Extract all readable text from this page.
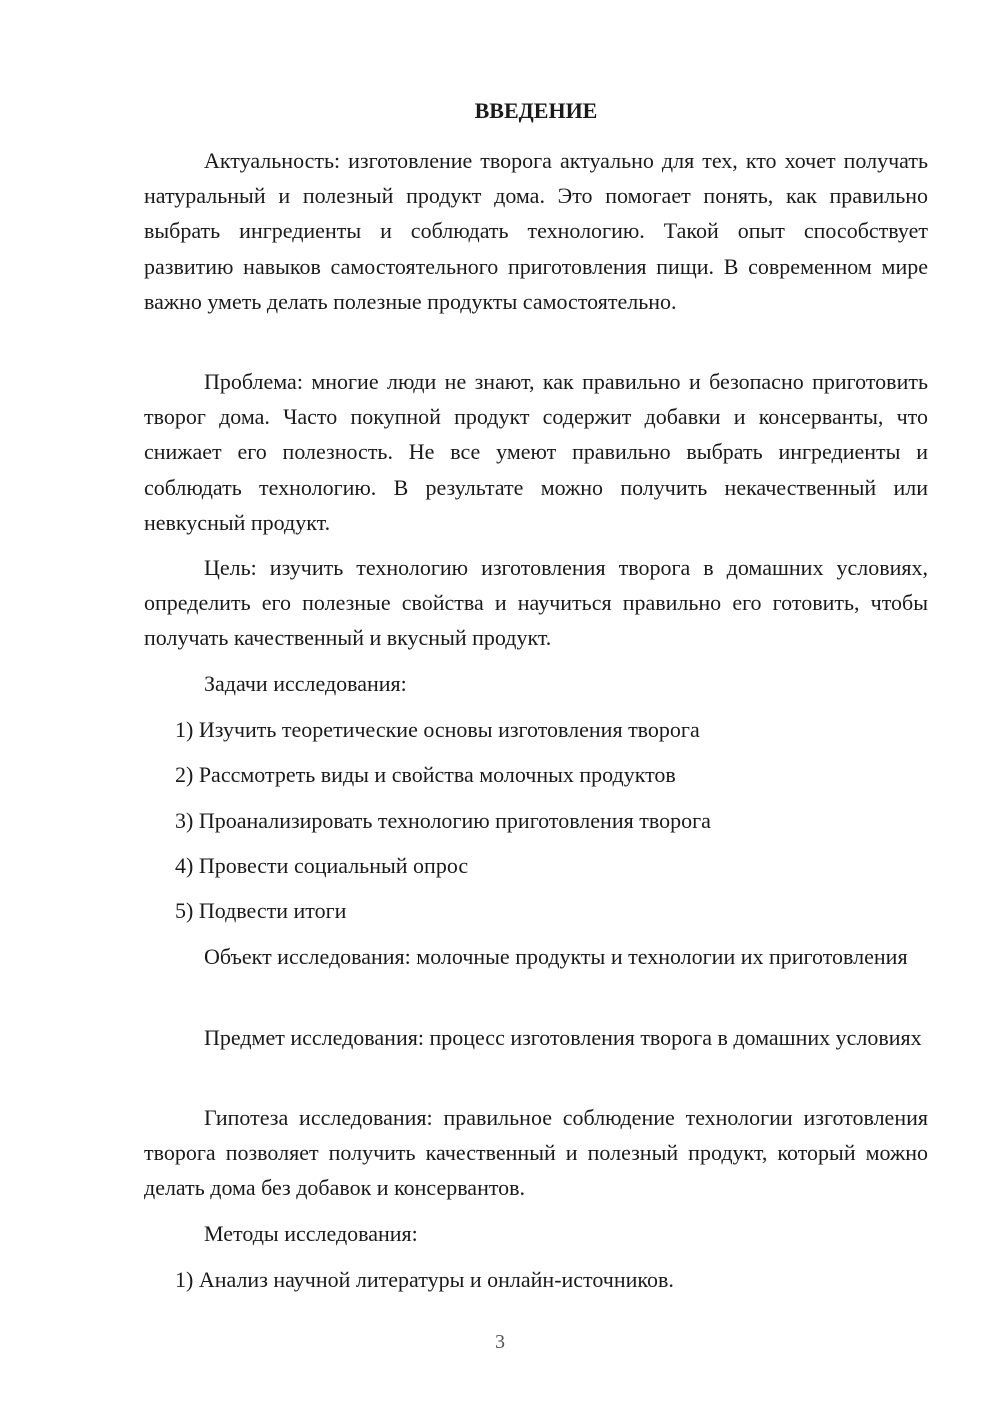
ВВЕДЕНИЕ

Актуальность: изготовление творога актуально для тех, кто хочет получать натуральный и полезный продукт дома. Это помогает понять, как правильно выбрать ингредиенты и соблюдать технологию. Такой опыт способствует развитию навыков самостоятельного приготовления пищи. В современном мире важно уметь делать полезные продукты самостоятельно.

Проблема: многие люди не знают, как правильно и безопасно приготовить творог дома. Часто покупной продукт содержит добавки и консерванты, что снижает его полезность. Не все умеют правильно выбрать ингредиенты и соблюдать технологию. В результате можно получить некачественный или невкусный продукт.

Цель: изучить технологию изготовления творога в домашних условиях, определить его полезные свойства и научиться правильно его готовить, чтобы получать качественный и вкусный продукт.

Задачи исследования:

1) Изучить теоретические основы изготовления творога

2) Рассмотреть виды и свойства молочных продуктов

3) Проанализировать технологию приготовления творога

4) Провести социальный опрос

5) Подвести итоги

Объект исследования: молочные продукты и технологии их приготовления

Предмет исследования: процесс изготовления творога в домашних условиях

Гипотеза исследования: правильное соблюдение технологии изготовления творога позволяет получить качественный и полезный продукт, который можно делать дома без добавок и консервантов.

Методы исследования:

1) Анализ научной литературы и онлайн-источников.

3
